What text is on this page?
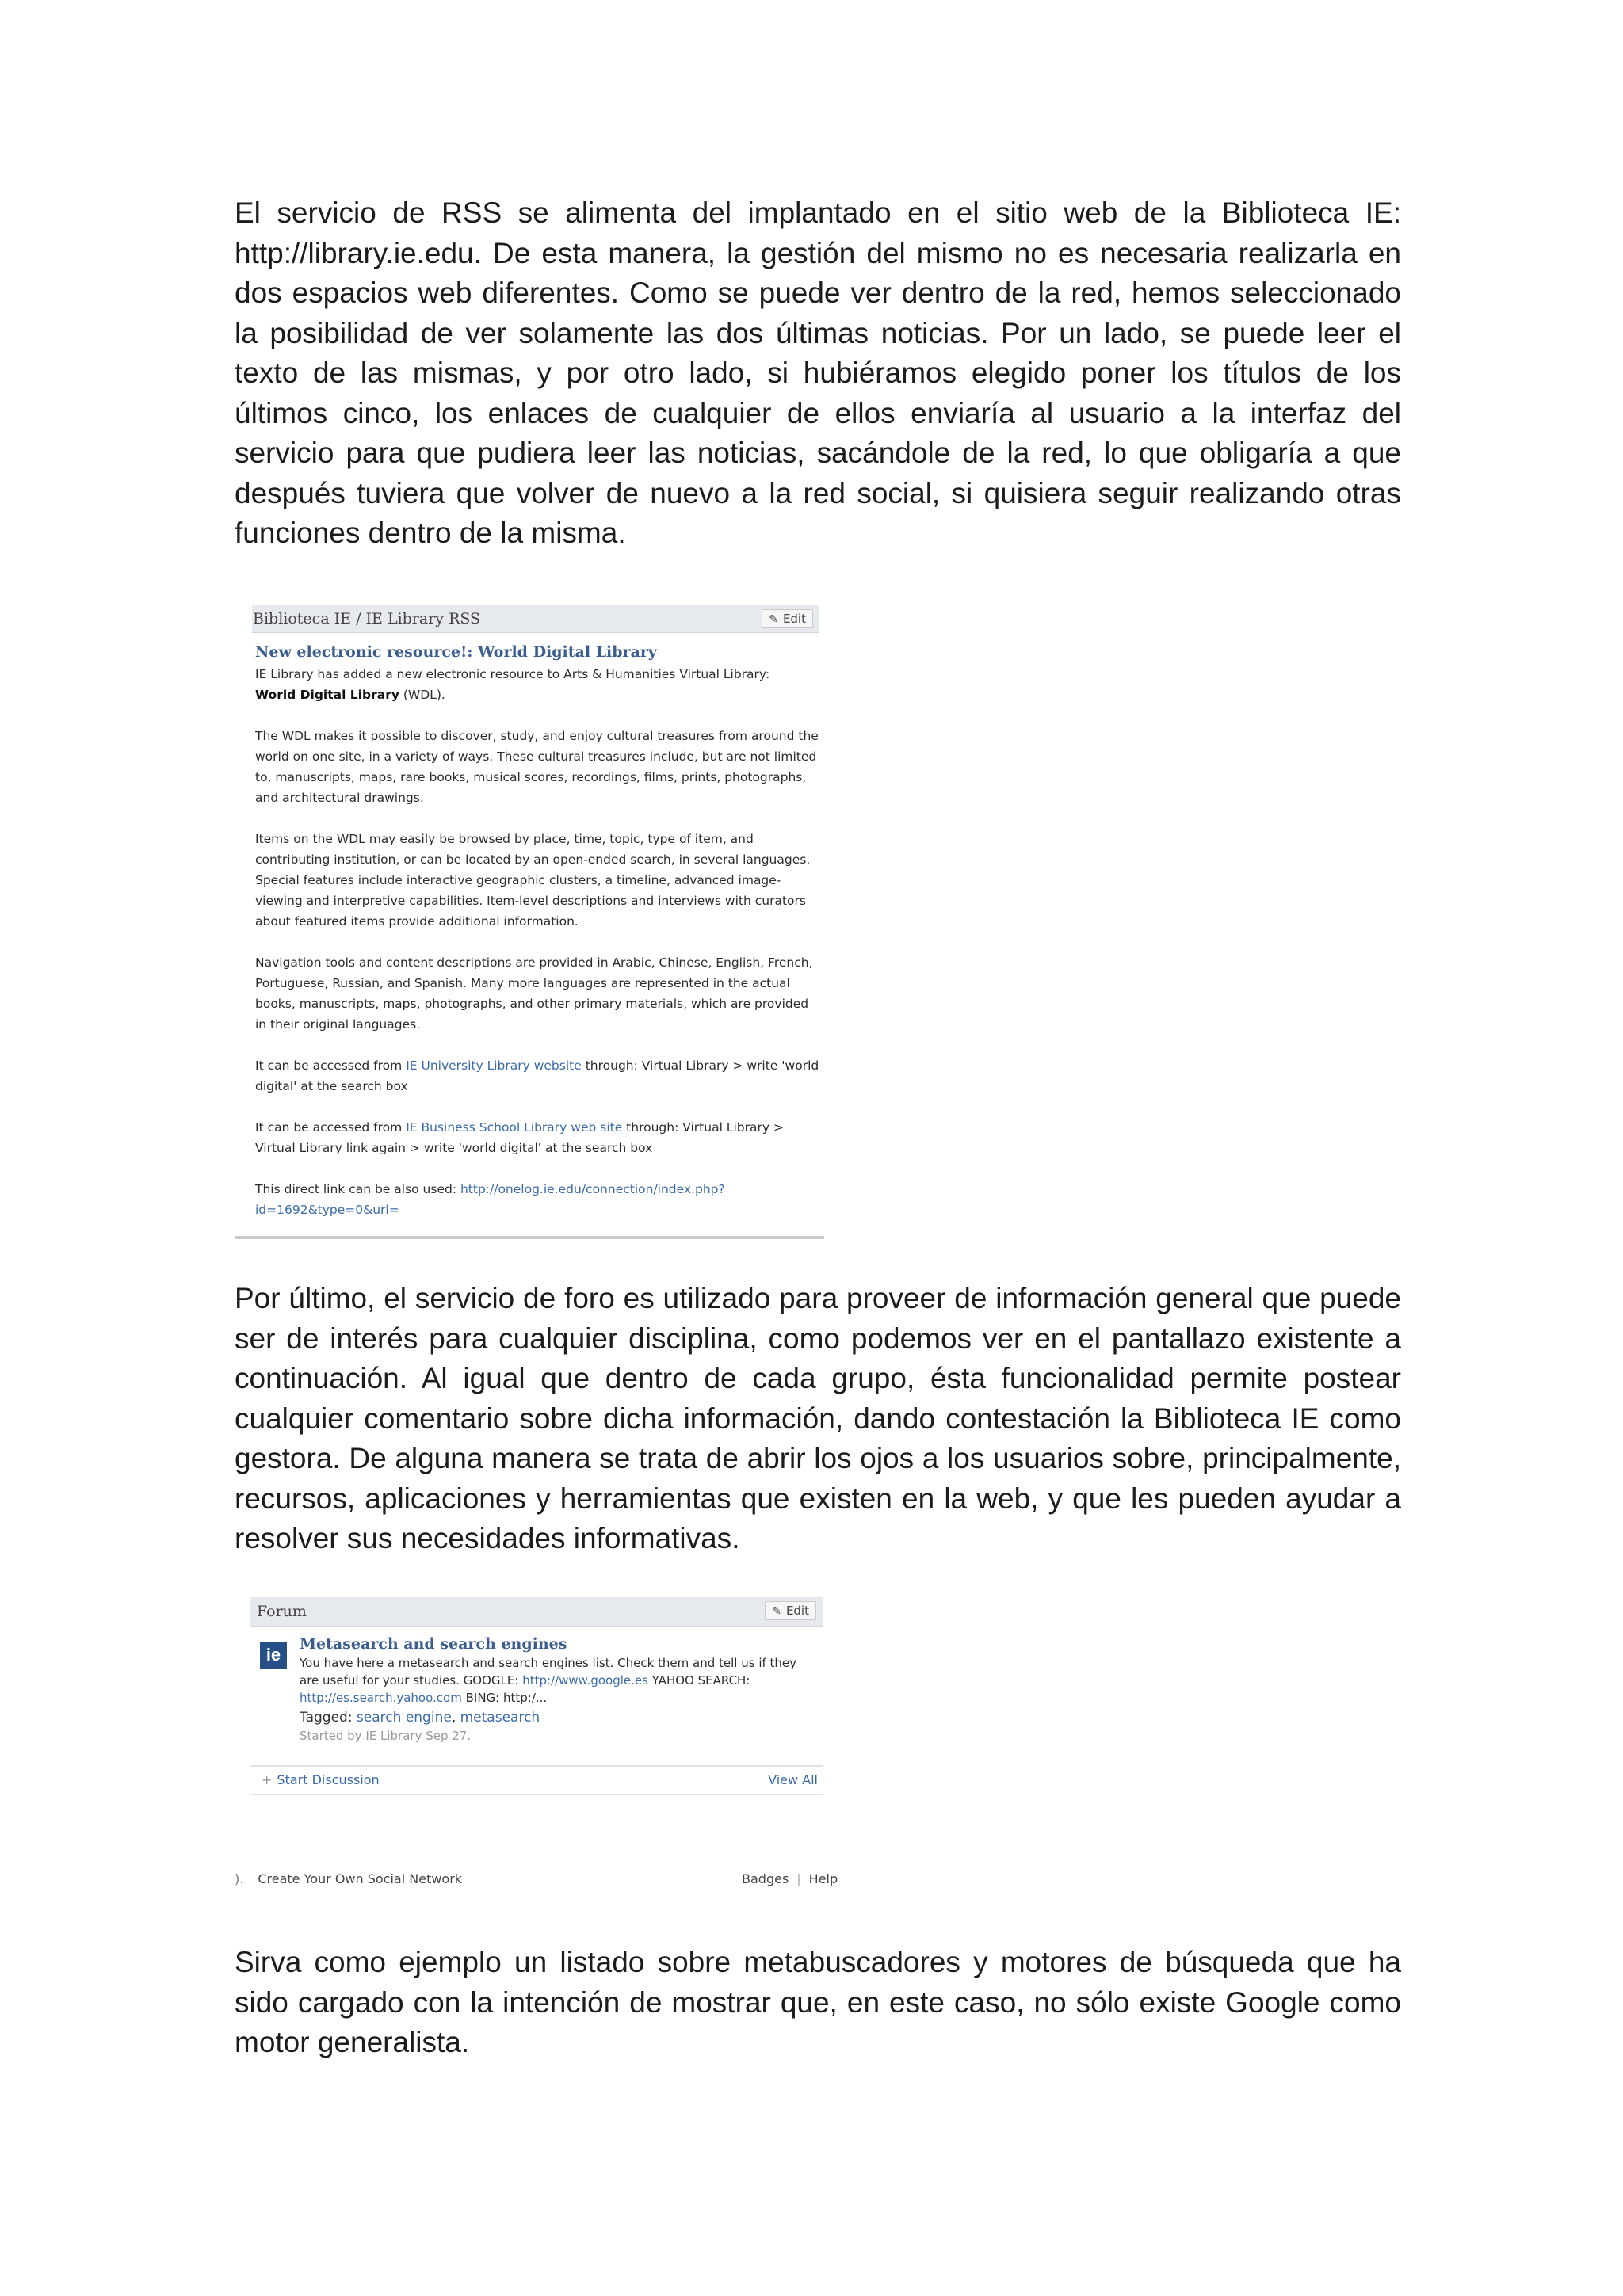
El servicio de RSS se alimenta del implantado en el sitio web de la Biblioteca IE: http://library.ie.edu. De esta manera, la gestión del mismo no es necesaria realizarla en dos espacios web diferentes. Como se puede ver dentro de la red, hemos seleccionado la posibilidad de ver solamente las dos últimas noticias. Por un lado, se puede leer el texto de las mismas, y por otro lado, si hubiéramos elegido poner los títulos de los últimos cinco, los enlaces de cualquier de ellos enviaría al usuario a la interfaz del servicio para que pudiera leer las noticias, sacándole de la red, lo que obligaría a que después tuviera que volver de nuevo a la red social, si quisiera seguir realizando otras funciones dentro de la misma.

Biblioteca IE / IE Library RSS	✎ Edit

New electronic resource!: World Digital Library

IE Library has added a new electronic resource to Arts & Humanities Virtual Library:
World Digital Library (WDL).

The WDL makes it possible to discover, study, and enjoy cultural treasures from around the world on one site, in a variety of ways. These cultural treasures include, but are not limited to, manuscripts, maps, rare books, musical scores, recordings, films, prints, photographs, and architectural drawings.

Items on the WDL may easily be browsed by place, time, topic, type of item, and contributing institution, or can be located by an open-ended search, in several languages. Special features include interactive geographic clusters, a timeline, advanced image-viewing and interpretive capabilities. Item-level descriptions and interviews with curators about featured items provide additional information.

Navigation tools and content descriptions are provided in Arabic, Chinese, English, French, Portuguese, Russian, and Spanish. Many more languages are represented in the actual books, manuscripts, maps, photographs, and other primary materials, which are provided in their original languages.

It can be accessed from IE University Library website through: Virtual Library > write 'world digital' at the search box

It can be accessed from IE Business School Library web site through: Virtual Library > Virtual Library link again > write 'world digital' at the search box

This direct link can be also used: http://onelog.ie.edu/connection/index.php?id=1692&type=0&url=

Por último, el servicio de foro es utilizado para proveer de información general que puede ser de interés para cualquier disciplina, como podemos ver en el pantallazo existente a continuación. Al igual que dentro de cada grupo, ésta funcionalidad permite postear cualquier comentario sobre dicha información, dando contestación la Biblioteca IE como gestora. De alguna manera se trata de abrir los ojos a los usuarios sobre, principalmente, recursos, aplicaciones y herramientas que existen en la web, y que les pueden ayudar a resolver sus necesidades informativas.

Forum	✎ Edit
ie

Metasearch and search engines

You have here a metasearch and search engines list. Check them and tell us if they are useful for your studies. GOOGLE: http://www.google.es YAHOO SEARCH: http://es.search.yahoo.com BING: http:/...

Tagged: search engine, metasearch

Started by IE Library Sep 27.

+ Start Discussion	View All
). Create Your Own Social Network	Badges | Help

Sirva como ejemplo un listado sobre metabuscadores y motores de búsqueda que ha sido cargado con la intención de mostrar que, en este caso, no sólo existe Google como motor generalista.
